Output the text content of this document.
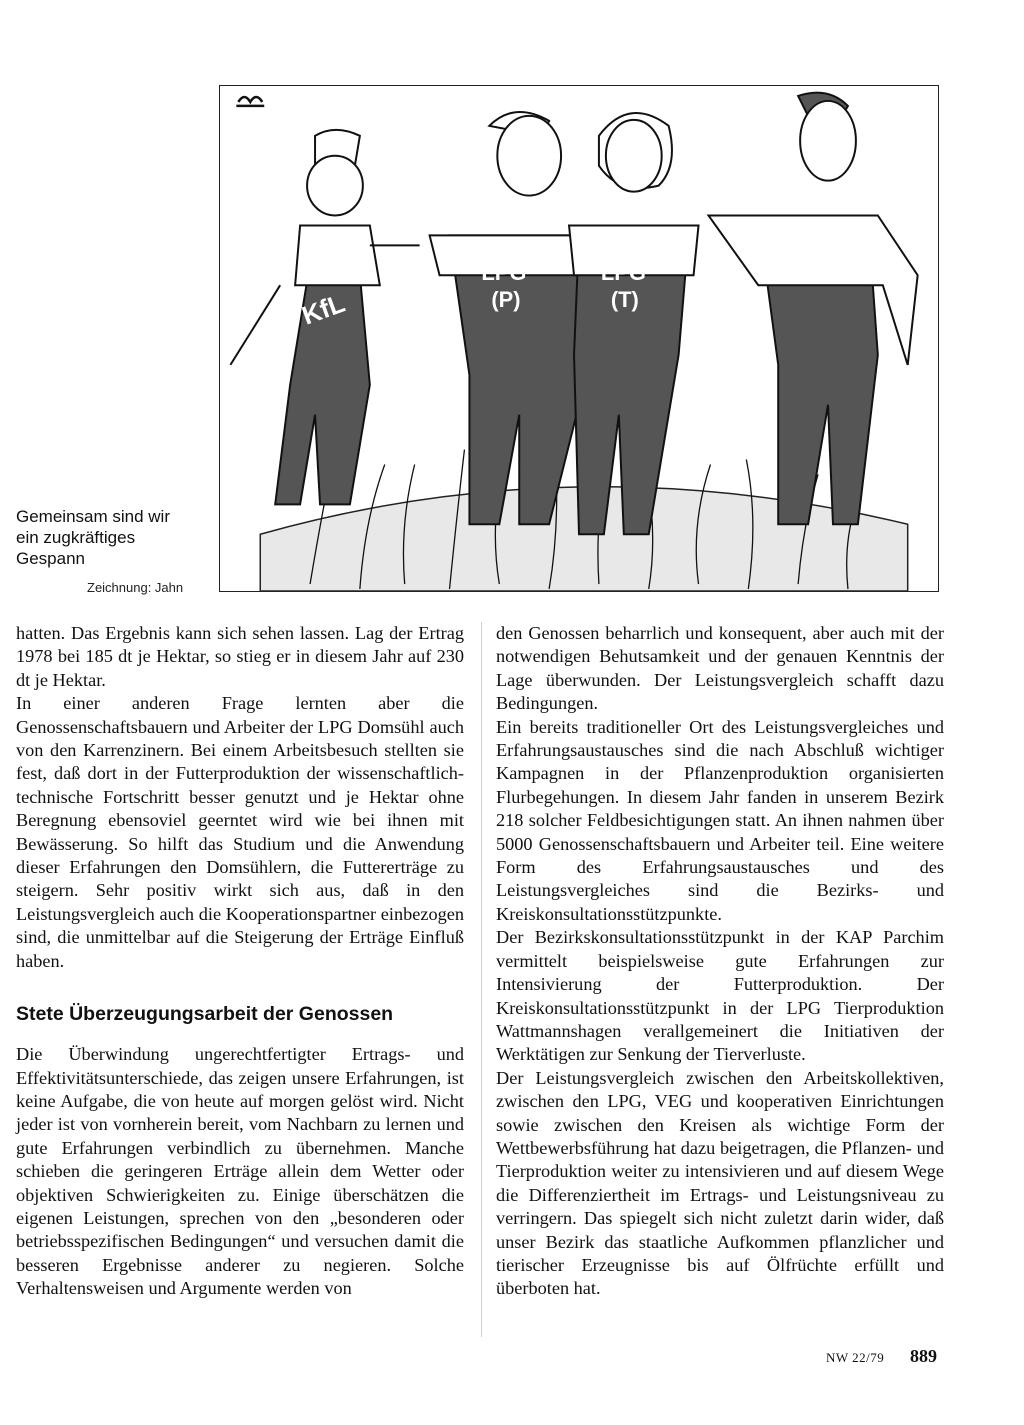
KfL
LPG
(P)
LPG
(T)
ACZ

Gemeinsam sind wir
ein zugkräftiges
Gespann

Zeichnung: Jahn

hatten. Das Ergebnis kann sich sehen lassen. Lag der Ertrag 1978 bei 185 dt je Hektar, so stieg er in diesem Jahr auf 230 dt je Hektar.

In einer anderen Frage lernten aber die Genossenschaftsbauern und Arbeiter der LPG Domsühl auch von den Karrenzinern. Bei einem Arbeitsbesuch stellten sie fest, daß dort in der Futterproduktion der wissenschaftlich-technische Fortschritt besser genutzt und je Hektar ohne Beregnung ebensoviel geerntet wird wie bei ihnen mit Bewässerung. So hilft das Studium und die Anwendung dieser Erfahrungen den Domsühlern, die Futtererträge zu steigern. Sehr positiv wirkt sich aus, daß in den Leistungsvergleich auch die Kooperationspartner einbezogen sind, die unmittelbar auf die Steigerung der Erträge Einfluß haben.

Stete Überzeugungsarbeit der Genossen

Die Überwindung ungerechtfertigter Ertrags- und Effektivitätsunterschiede, das zeigen unsere Erfahrungen, ist keine Aufgabe, die von heute auf morgen gelöst wird. Nicht jeder ist von vornherein bereit, vom Nachbarn zu lernen und gute Erfahrungen verbindlich zu übernehmen. Manche schieben die geringeren Erträge allein dem Wetter oder objektiven Schwierigkeiten zu. Einige überschätzen die eigenen Leistungen, sprechen von den „besonderen oder betriebsspezifischen Bedingungen“ und versuchen damit die besseren Ergebnisse anderer zu negieren. Solche Verhaltensweisen und Argumente werden von

den Genossen beharrlich und konsequent, aber auch mit der notwendigen Behutsamkeit und der genauen Kenntnis der Lage überwunden. Der Leistungsvergleich schafft dazu Bedingungen.

Ein bereits traditioneller Ort des Leistungsvergleiches und Erfahrungsaustausches sind die nach Abschluß wichtiger Kampagnen in der Pflanzenproduktion organisierten Flurbegehungen. In diesem Jahr fanden in unserem Bezirk 218 solcher Feldbesichtigungen statt. An ihnen nahmen über 5000 Genossenschaftsbauern und Arbeiter teil. Eine weitere Form des Erfahrungsaustausches und des Leistungsvergleiches sind die Bezirks- und Kreiskonsultationsstützpunkte.

Der Bezirkskonsultationsstützpunkt in der KAP Parchim vermittelt beispielsweise gute Erfahrungen zur Intensivierung der Futterproduktion. Der Kreiskonsultationsstützpunkt in der LPG Tierproduktion Wattmannshagen verallgemeinert die Initiativen der Werktätigen zur Senkung der Tierverluste.

Der Leistungsvergleich zwischen den Arbeitskollektiven, zwischen den LPG, VEG und kooperativen Einrichtungen sowie zwischen den Kreisen als wichtige Form der Wettbewerbsführung hat dazu beigetragen, die Pflanzen- und Tierproduktion weiter zu intensivieren und auf diesem Wege die Differenziertheit im Ertrags- und Leistungsniveau zu verringern. Das spiegelt sich nicht zuletzt darin wider, daß unser Bezirk das staatliche Aufkommen pflanzlicher und tierischer Erzeugnisse bis auf Ölfrüchte erfüllt und überboten hat.

NW 22/79 889
